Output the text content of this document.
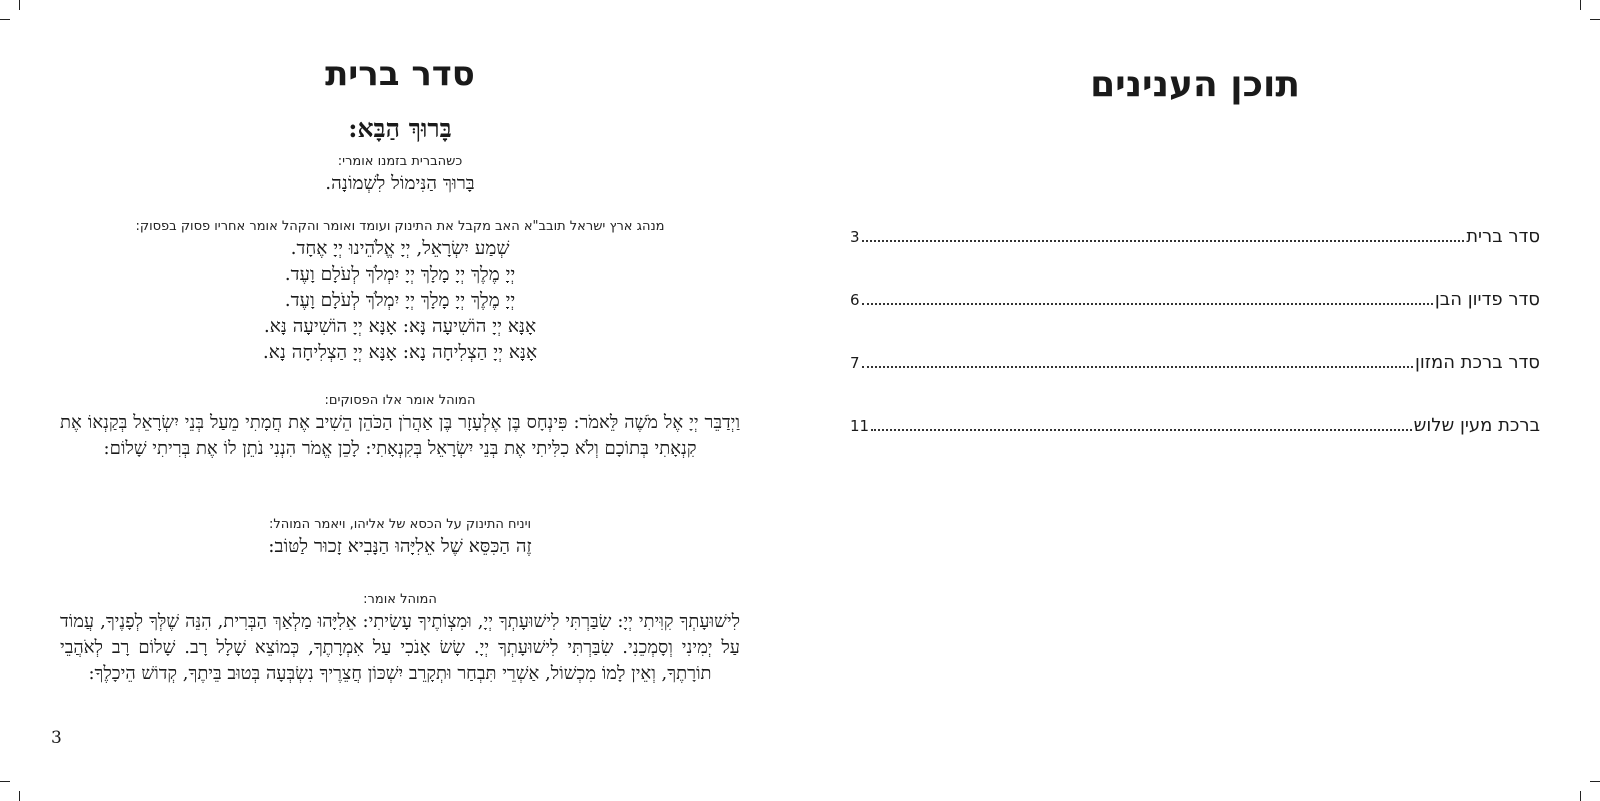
סדר ברית
בָּרוּךְ הַבָּא:
כשהברית בזמנו אומרי:
בָּרוּךְ הַנִּימוֹל לִשְׁמוֹנָה.
מנהג ארץ ישראל תובב"א האב מקבל את התינוק ועומד ואומר והקהל אומר אחריו פסוק בפסוק:
שְׁמַע יִשְׂרָאֵל, יְיָ אֱלֹהֵינוּ יְיָ אֶחָד.
יְיָ מֶלֶךְ יְיָ מָלָךְ יְיָ יִמְלֹךְ לְעֹלָם וָעֶד.
יְיָ מֶלֶךְ יְיָ מָלָךְ יְיָ יִמְלֹךְ לְעֹלָם וָעֶד.
אָנָּא יְיָ הוֹשִׁיעָה נָּא: אָנָּא יְיָ הוֹשִׁיעָה נָּא.
אָנָּא יְיָ הַצְלִיחָה נָא: אָנָּא יְיָ הַצְלִיחָה נָא.
המוהל אומר אלו הפסוקים:
וַיְדַבֵּר יְיָ אֶל מֹשֶׁה לֵּאמֹר: פִּינְחָס בֶּן אֶלְעָזָר בֶּן אַהֲרֹן הַכֹּהֵן הֵשִׁיב אֶת חֲמָתִי מֵעַל בְּנֵי יִשְׂרָאֵל בְּקַנְאוֹ אֶת קִנְאָתִי בְּתוֹכָם וְלֹא כִלִּיתִי אֶת בְּנֵי יִשְׂרָאֵל בְּקִנְאָתִי: לָכֵן אֱמֹר הִנְנִי נֹתֵן לוֹ אֶת בְּרִיתִי שָׁלוֹם:
ויניח התינוק על הכסא של אליהו, ויאמר המוהל:
זֶה הַכִּסֵּא שֶׁל אֵלִיָּהוּ הַנָּבִיא זָכוּר לַטּוֹב:
המוהל אומר:
לִישׁוּעָתְךָ קִוִּיתִי יְיָ: שִׂבַּרְתִּי לִישׁוּעָתְךָ יְיָ, וּמִצְוֹתֶיךָ עָשִׂיתִי: אֵלִיָּהוּ מַלְאַךְ הַבְּרִית, הִנֵּה שֶׁלְּךָ לְפָנֶיךָ, עֲמוֹד עַל יְמִינִי וְסָמְכֵנִי. שִׂבַּרְתִּי לִישׁוּעָתְךָ יְיָ. שָׂשׂ אָנֹכִי עַל אִמְרָתֶךָ, כְּמוֹצֵא שָׁלָל רָב. שָׁלוֹם רָב לְאֹהֲבֵי תוֹרָתֶךָ, וְאֵין לָמוֹ מִכְשׁוֹל, אַשְׁרֵי תִּבְחַר וּתְקָרֵב יִשְׁכּוֹן חֲצֵרֶיךָ נִשְׂבְּעָה בְּטוּב בֵּיתֶךָ, קְדוֹשׁ הֵיכָלֶךָ:
3
תוכן הענינים
סדר ברית
3
סדר פדיון הבן
6
סדר ברכת המזון
7
ברכת מעין שלוש
11
